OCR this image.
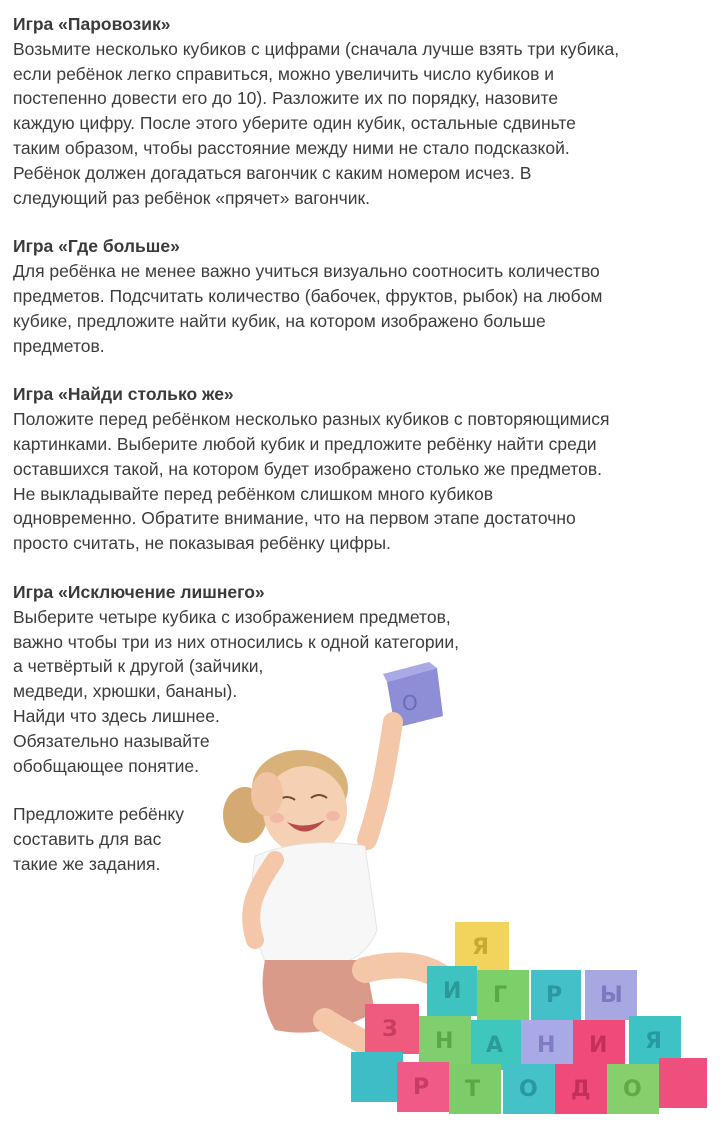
Игра «Паровозик»
Возьмите несколько кубиков с цифрами (сначала лучше взять три кубика,
если ребёнок легко справиться, можно увеличить число кубиков и
постепенно довести его до 10). Разложите их по порядку, назовите
каждую цифру. После этого уберите один кубик, остальные сдвиньте
таким образом, чтобы расстояние между ними не стало подсказкой.
Ребёнок должен догадаться вагончик с каким номером исчез. В
следующий раз ребёнок «прячет» вагончик.
Игра «Где больше»
Для ребёнка не менее важно учиться визуально соотносить количество
предметов. Подсчитать количество (бабочек, фруктов, рыбок) на любом
кубике, предложите найти кубик, на котором изображено больше
предметов.
Игра «Найди столько же»
Положите перед ребёнком несколько разных кубиков с повторяющимися
картинками. Выберите любой кубик и предложите ребёнку найти среди
оставшихся такой, на котором будет изображено столько же предметов.
Не выкладывайте перед ребёнком слишком много кубиков
одновременно. Обратите внимание, что на первом этапе достаточно
просто считать, не показывая ребёнку цифры.
Игра «Исключение лишнего»
Выберите четыре кубика с изображением предметов,
важно чтобы три из них относились к одной категории,
а четвёртый к другой (зайчики,
медведи, хрюшки, бананы).
Найди что здесь лишнее.
Обязательно называйте
обобщающее понятие.
Предложите ребёнку
составить для вас
такие же задания.
О
Я
И Г Р Ы
З Н А Н И Я
Р Т О Д О
